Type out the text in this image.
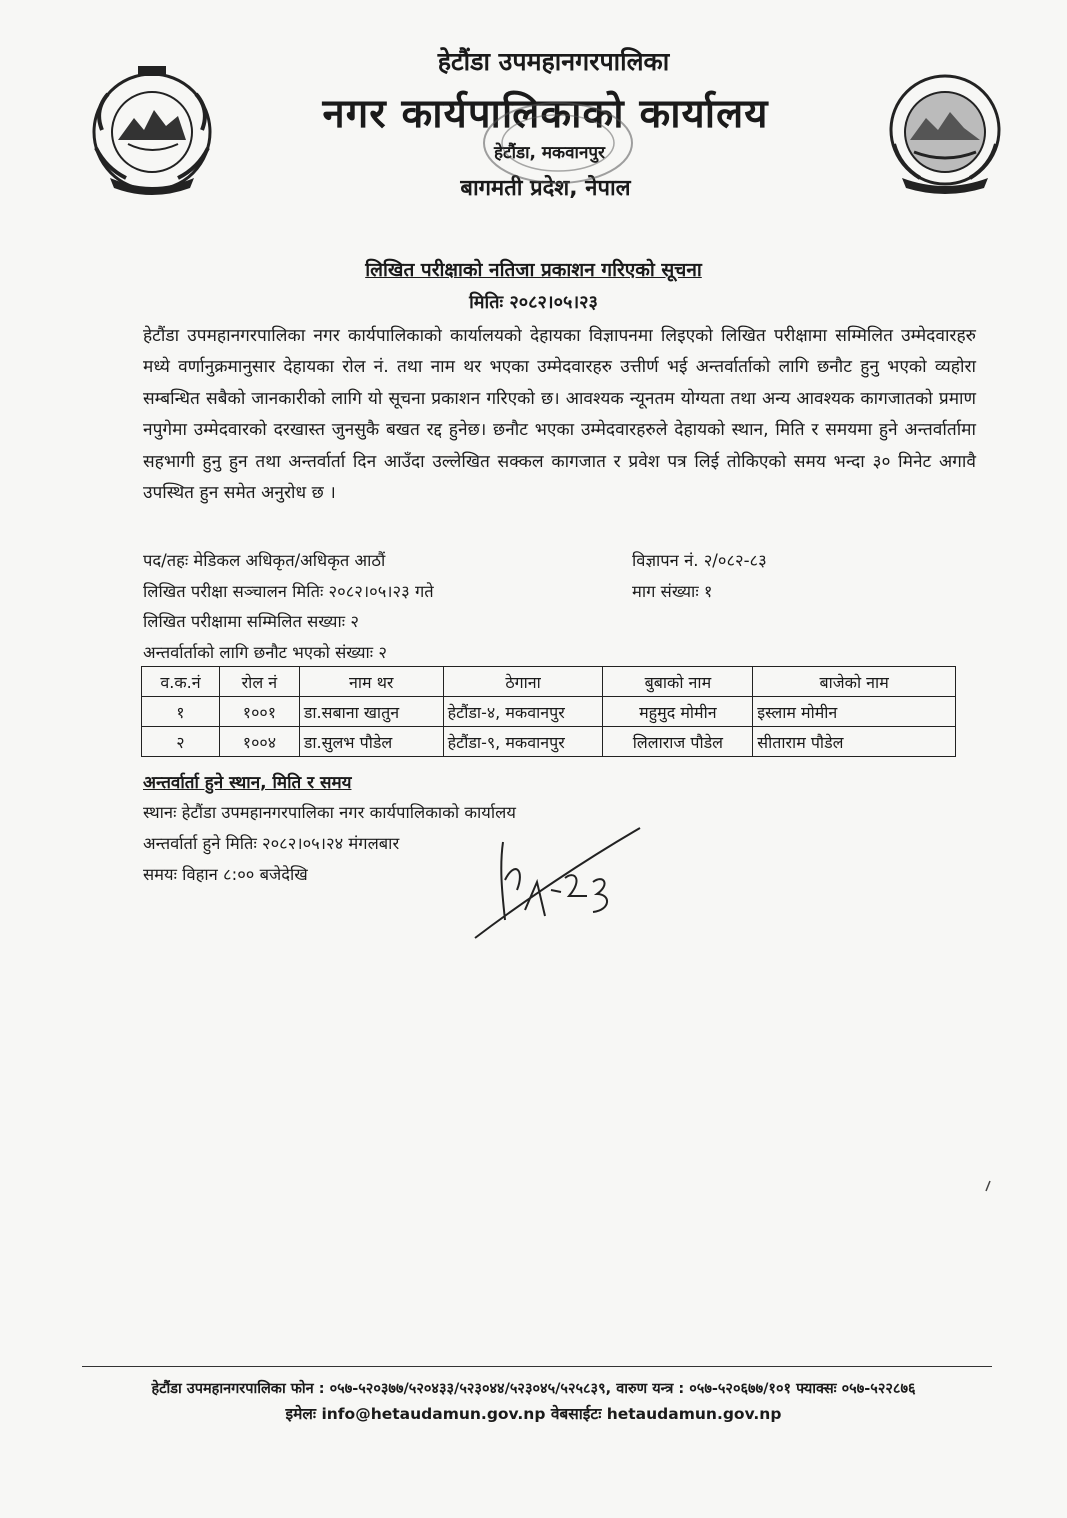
हेटौंडा उपमहानगरपालिका
नगर कार्यपालिकाको कार्यालय
हेटौंडा, मकवानपुर
बागमती प्रदेश, नेपाल
लिखित परीक्षाको नतिजा प्रकाशन गरिएको सूचना
मितिः २०८२।०५।२३
हेटौंडा उपमहानगरपालिका नगर कार्यपालिकाको कार्यालयको देहायका विज्ञापनमा लिइएको लिखित परीक्षामा सम्मिलित उम्मेदवारहरु मध्ये वर्णानुक्रमानुसार देहायका रोल नं. तथा नाम थर भएका उम्मेदवारहरु उत्तीर्ण भई अन्तर्वार्ताको लागि छनौट हुनु भएको व्यहोरा सम्बन्धित सबैको जानकारीको लागि यो सूचना प्रकाशन गरिएको छ। आवश्यक न्यूनतम योग्यता तथा अन्य आवश्यक कागजातको प्रमाण नपुगेमा उम्मेदवारको दरखास्त जुनसुकै बखत रद्द हुनेछ। छनौट भएका उम्मेदवारहरुले देहायको स्थान, मिति र समयमा हुने अन्तर्वार्तामा सहभागी हुनु हुन तथा अन्तर्वार्ता दिन आउँदा उल्लेखित सक्कल कागजात र प्रवेश पत्र लिई तोकिएको समय भन्दा ३० मिनेट अगावै उपस्थित हुन समेत अनुरोध छ ।
पद/तहः मेडिकल अधिकृत/अधिकृत आठौं	विज्ञापन नं. २/०८२-८३
लिखित परीक्षा सञ्चालन मितिः २०८२।०५।२३ गते	माग संख्याः १
लिखित परीक्षामा सम्मिलित सख्याः २
अन्तर्वार्ताको लागि छनौट भएको संख्याः २
व.क.नं	रोल नं	नाम थर	ठेगाना	बुबाको नाम	बाजेको नाम
१	१००१	डा.सबाना खातुन	हेटौंडा-४, मकवानपुर	महुमुद मोमीन	इस्लाम मोमीन
२	१००४	डा.सुलभ पौडेल	हेटौंडा-९, मकवानपुर	लिलाराज पौडेल	सीताराम पौडेल
अन्तर्वार्ता हुने स्थान, मिति र समय
स्थानः हेटौंडा उपमहानगरपालिका नगर कार्यपालिकाको कार्यालय
अन्तर्वार्ता हुने मितिः २०८२।०५।२४ मंगलबार
समयः विहान ८:०० बजेदेखि
हेटौंडा उपमहानगरपालिका फोन : ०५७-५२०३७७/५२०४३३/५२३०४४/५२३०४५/५२५८३९, वारुण यन्त्र : ०५७-५२०६७७/१०१ फ्याक्सः ०५७-५२२८७६
इमेलः info@hetaudamun.gov.np वेबसाईटः hetaudamun.gov.np
